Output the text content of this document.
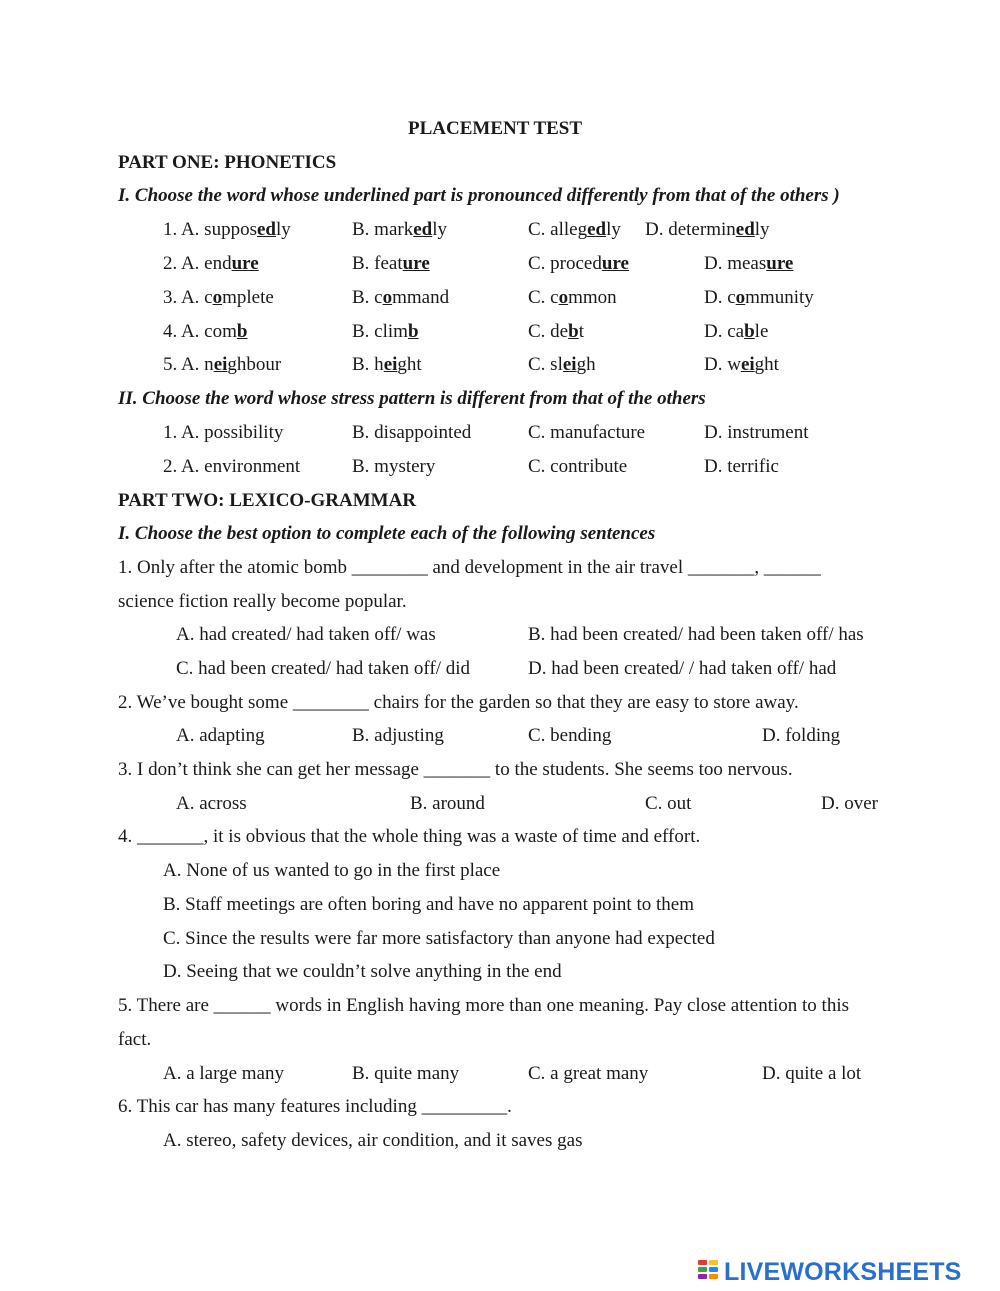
PLACEMENT TEST
PART ONE: PHONETICS
I. Choose the word whose underlined part is pronounced differently from that of the others )
1. A. supposedly	B. markedly	C. allegedly D. determinedly
2. A. endure	B. feature	C. procedure	D. measure
3. A. complete	B. command	C. common	D. community
4. A. comb	B. climb	C. debt	D. cable
5. A. neighbour	B. height	C. sleigh	D. weight
II. Choose the word whose stress pattern is different from that of the others
1. A. possibility	B. disappointed	C. manufacture	D. instrument
2. A. environment	B. mystery	C. contribute	D. terrific
PART TWO: LEXICO-GRAMMAR
I. Choose the best option to complete each of the following sentences
1. Only after the atomic bomb ________ and development in the air travel _______, ______
science fiction really become popular.
A. had created/ had taken off/ was	B. had been created/ had been taken off/ has
C. had been created/ had taken off/ did	D. had been created/ / had taken off/ had
2. We’ve bought some ________ chairs for the garden so that they are easy to store away.
A. adapting	B. adjusting	C. bending	D. folding
3. I don’t think she can get her message _______ to the students. She seems too nervous.
A. across	B. around	C. out	D. over
4. _______, it is obvious that the whole thing was a waste of time and effort.
A. None of us wanted to go in the first place
B. Staff meetings are often boring and have no apparent point to them
C. Since the results were far more satisfactory than anyone had expected
D. Seeing that we couldn’t solve anything in the end
5. There are ______ words in English having more than one meaning. Pay close attention to this
fact.
A. a large many	B. quite many	C. a great many	D. quite a lot
6. This car has many features including _________.
A. stereo, safety devices, air condition, and it saves gas
LIVEWORKSHEETS
